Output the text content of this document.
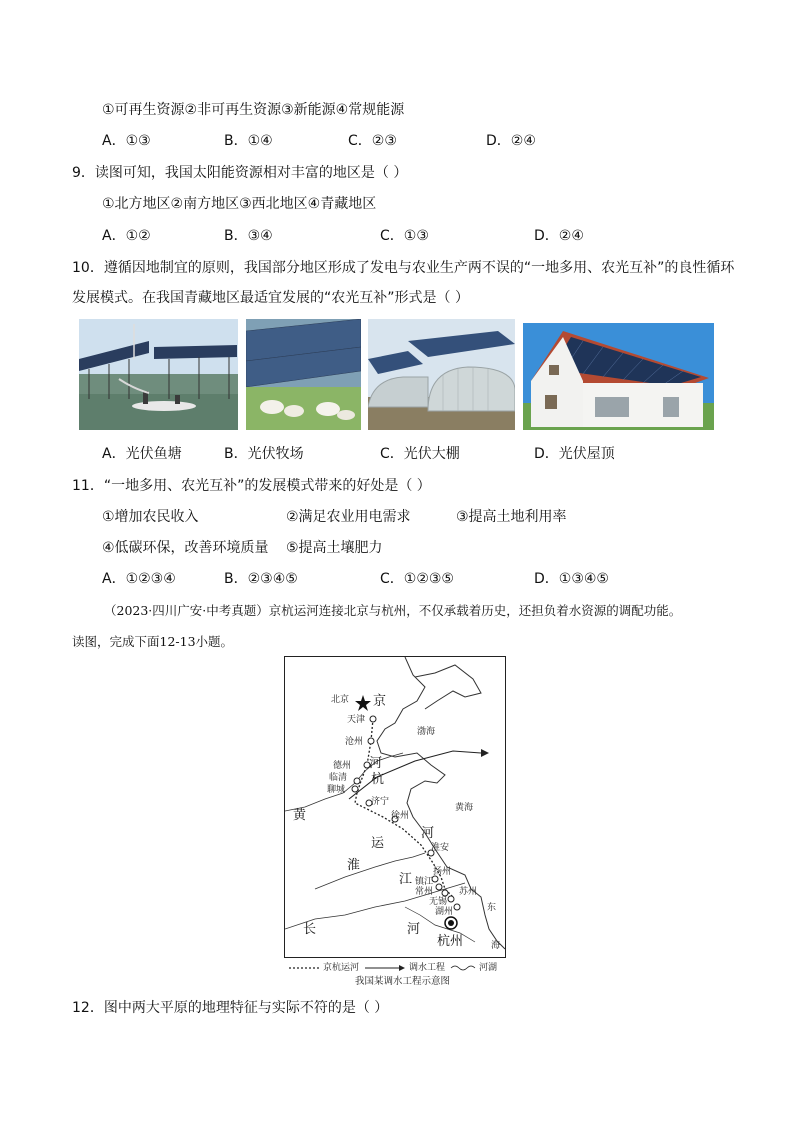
①可再生资源②非可再生资源③新能源④常规能源
A．①③	B．①④	C．②③	D．②④
9．读图可知，我国太阳能资源相对丰富的地区是（ ）
①北方地区②南方地区③西北地区④青藏地区
A．①②	B．③④	C．①③	D．②④
10．遵循因地制宜的原则，我国部分地区形成了发电与农业生产两不误的“一地多用、农光互补”的良性循环
发展模式。在我国青藏地区最适宜发展的“农光互补”形式是（ ）
A．光伏鱼塘	B．光伏牧场	C．光伏大棚	D．光伏屋顶
11．“一地多用、农光互补”的发展模式带来的好处是（ ）
①增加农民收入	②满足农业用电需求	③提高土地利用率
④低碳环保，改善环境质量 ⑤提高土壤肥力
A．①②③④	B．②③④⑤	C．①②③⑤	D．①③④⑤
（2023·四川广安·中考真题）京杭运河连接北京与杭州，不仅承载着历史，还担负着水资源的调配功能。
读图，完成下面12-13小题。
北京 京
天津
渤海
沧州
德州
临清
聊城
河
杭
济宁
徐州
黄海
黄
运
河
淮安
淮	扬州
江 镇江
常州
无锡
苏州
湖州	东
长	河
杭州	海
京杭运河	调水工程	河湖
我国某调水工程示意图
12．图中两大平原的地理特征与实际不符的是（ ）
